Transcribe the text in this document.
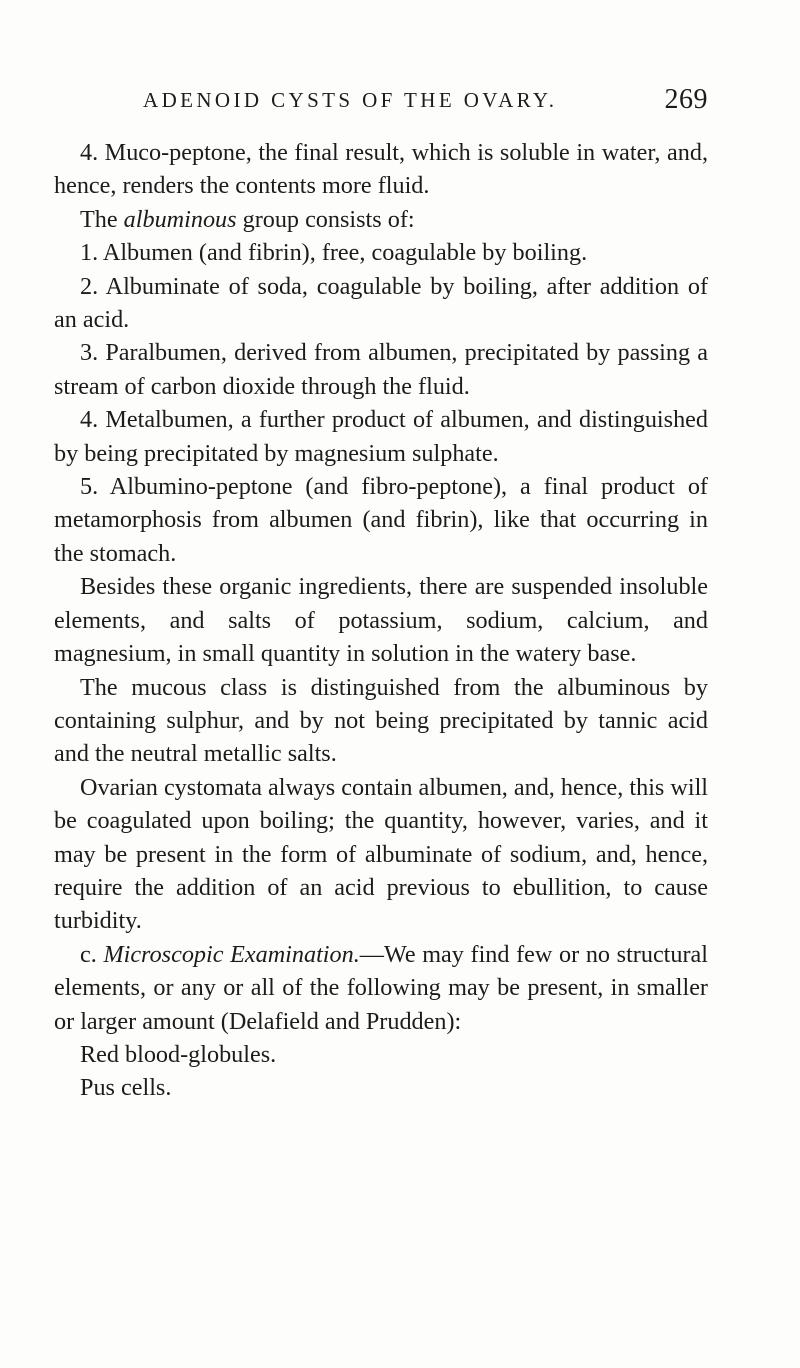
ADENOID CYSTS OF THE OVARY.	269

4. Muco-peptone, the final result, which is soluble in water, and, hence, renders the contents more fluid.

The albuminous group consists of:

1. Albumen (and fibrin), free, coagulable by boiling.

2. Albuminate of soda, coagulable by boiling, after addition of an acid.

3. Paralbumen, derived from albumen, precipitated by passing a stream of carbon dioxide through the fluid.

4. Metalbumen, a further product of albumen, and distinguished by being precipitated by magnesium sulphate.

5. Albumino-peptone (and fibro-peptone), a final product of metamorphosis from albumen (and fibrin), like that occurring in the stomach.

Besides these organic ingredients, there are suspended insoluble elements, and salts of potassium, sodium, calcium, and magnesium, in small quantity in solution in the watery base.

The mucous class is distinguished from the albuminous by containing sulphur, and by not being precipitated by tannic acid and the neutral metallic salts.

Ovarian cystomata always contain albumen, and, hence, this will be coagulated upon boiling; the quantity, however, varies, and it may be present in the form of albuminate of sodium, and, hence, require the addition of an acid previous to ebullition, to cause turbidity.

c. Microscopic Examination.—We may find few or no structural elements, or any or all of the following may be present, in smaller or larger amount (Delafield and Prudden):

Red blood-globules.

Pus cells.
